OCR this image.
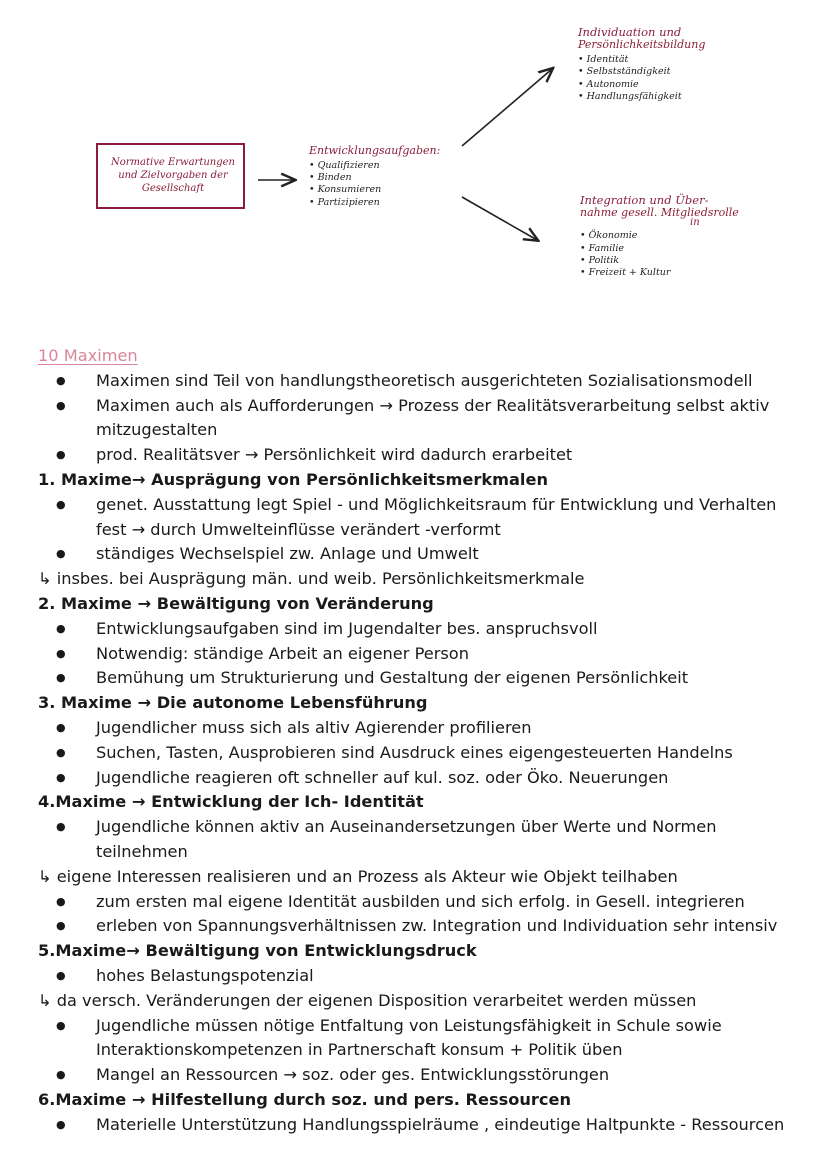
Normative Erwartungen und Zielvorgaben der Gesellschaft
Entwicklungsaufgaben:
• Qualifizieren
• Binden
• Konsumieren
• Partizipieren
Individuation und
Persönlichkeitsbildung
• Identität
• Selbstständigkeit
• Autonomie
• Handlungsfähigkeit
Integration und Über-
nahme gesell. Mitgliedsrolle
in
• Ökonomie
• Familie
• Politik
• Freizeit + Kultur
10 Maximen
● Maximen sind Teil von handlungstheoretisch ausgerichteten Sozialisationsmodell
● Maximen auch als Aufforderungen → Prozess der Realitätsverarbeitung selbst aktiv mitzugestalten
● prod. Realitätsver → Persönlichkeit wird dadurch erarbeitet
1. Maxime→ Ausprägung von Persönlichkeitsmerkmalen
● genet. Ausstattung legt Spiel - und Möglichkeitsraum für Entwicklung und Verhalten fest → durch Umwelteinflüsse verändert -verformt
● ständiges Wechselspiel zw. Anlage und Umwelt
↳ insbes. bei Ausprägung män. und weib. Persönlichkeitsmerkmale
2. Maxime → Bewältigung von Veränderung
● Entwicklungsaufgaben sind im Jugendalter bes. anspruchsvoll
● Notwendig: ständige Arbeit an eigener Person
● Bemühung um Strukturierung und Gestaltung der eigenen Persönlichkeit
3. Maxime → Die autonome Lebensführung
● Jugendlicher muss sich als altiv Agierender profilieren
● Suchen, Tasten, Ausprobieren sind Ausdruck eines eigengesteuerten Handelns
● Jugendliche reagieren oft schneller auf kul. soz. oder Öko. Neuerungen
4.Maxime → Entwicklung der Ich- Identität
● Jugendliche können aktiv an Auseinandersetzungen über Werte und Normen teilnehmen
↳ eigene Interessen realisieren und an Prozess als Akteur wie Objekt teilhaben
● zum ersten mal eigene Identität ausbilden und sich erfolg. in Gesell. integrieren
● erleben von Spannungsverhältnissen zw. Integration und Individuation sehr intensiv
5.Maxime→ Bewältigung von Entwicklungsdruck
● hohes Belastungspotenzial
↳ da versch. Veränderungen der eigenen Disposition verarbeitet werden müssen
● Jugendliche müssen nötige Entfaltung von Leistungsfähigkeit in Schule sowie Interaktionskompetenzen in Partnerschaft konsum + Politik üben
● Mangel an Ressourcen → soz. oder ges. Entwicklungsstörungen
6.Maxime → Hilfestellung durch soz. und pers. Ressourcen
● Materielle Unterstützung Handlungsspielräume , eindeutige Haltpunkte - Ressourcen
